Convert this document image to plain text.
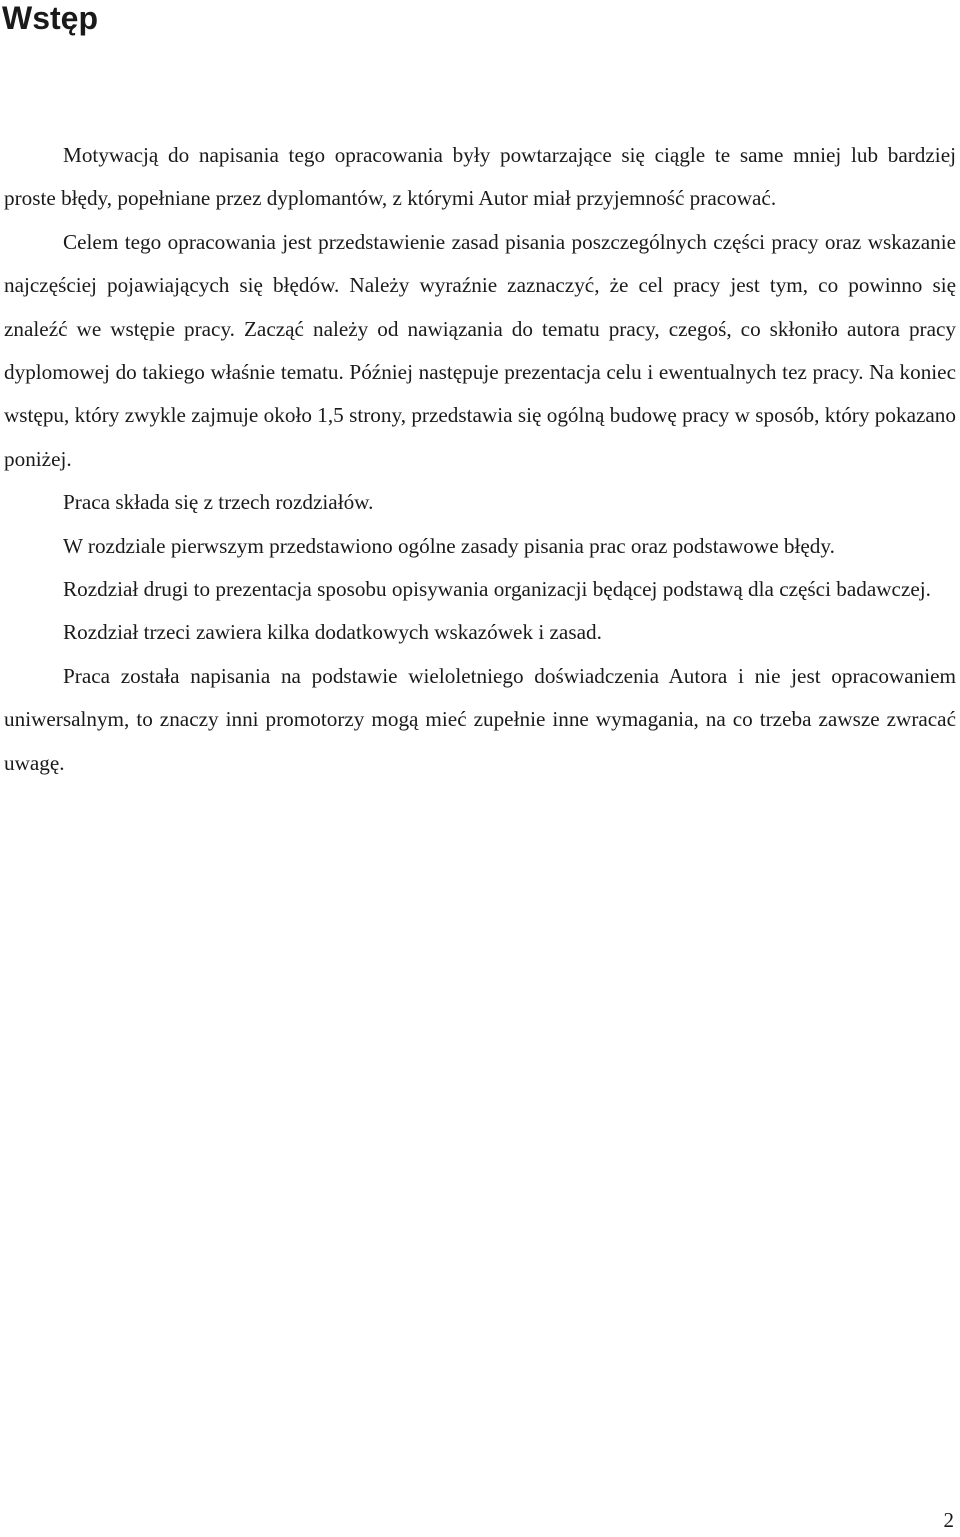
Wstęp

Motywacją do napisania tego opracowania były powtarzające się ciągle te same mniej lub bardziej proste błędy, popełniane przez dyplomantów, z którymi Autor miał przyjemność pracować.

Celem tego opracowania jest przedstawienie zasad pisania poszczególnych części pracy oraz wskazanie najczęściej pojawiających się błędów. Należy wyraźnie zaznaczyć, że cel pracy jest tym, co powinno się znaleźć we wstępie pracy. Zacząć należy od nawiązania do tematu pracy, czegoś, co skłoniło autora pracy dyplomowej do takiego właśnie tematu. Później następuje prezentacja celu i ewentualnych tez pracy. Na koniec wstępu, który zwykle zajmuje około 1,5 strony, przedstawia się ogólną budowę pracy w sposób, który pokazano poniżej.

Praca składa się z trzech rozdziałów.

W rozdziale pierwszym przedstawiono ogólne zasady pisania prac oraz podstawowe błędy.

Rozdział drugi to prezentacja sposobu opisywania organizacji będącej podstawą dla części badawczej.

Rozdział trzeci zawiera kilka dodatkowych wskazówek i zasad.

Praca została napisania na podstawie wieloletniego doświadczenia Autora i nie jest opracowaniem uniwersalnym, to znaczy inni promotorzy mogą mieć zupełnie inne wymagania, na co trzeba zawsze zwracać uwagę.

2
